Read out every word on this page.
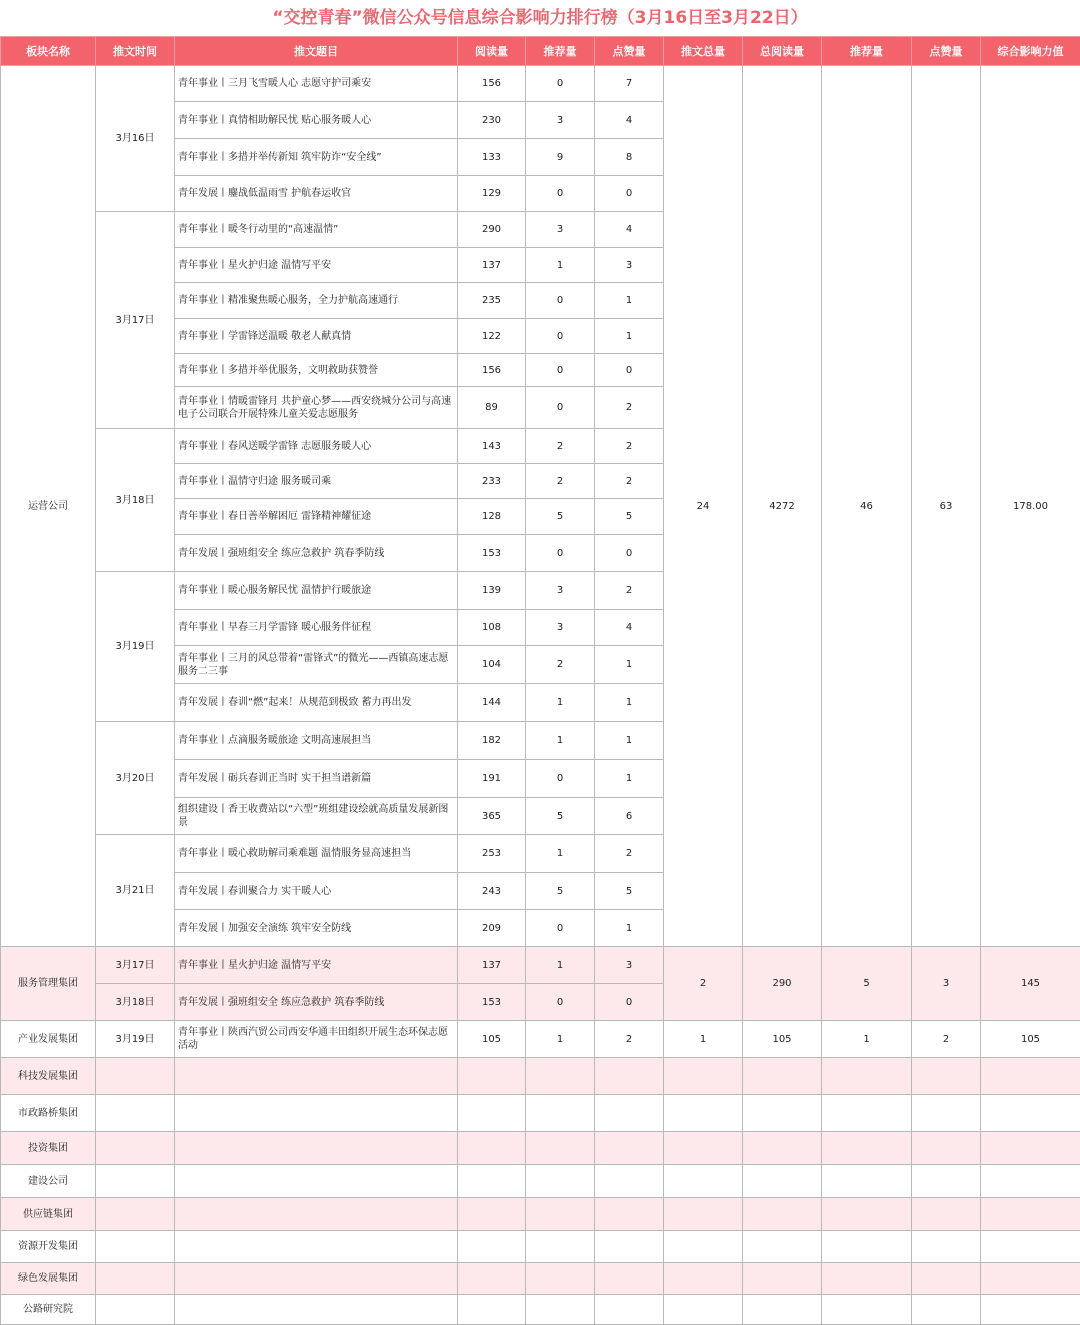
“交控青春”微信公众号信息综合影响力排行榜（3月16日至3月22日）
板块名称	推文时间	推文题目	阅读量	推荐量	点赞量	推文总量	总阅读量	推荐量	点赞量	综合影响力值
运营公司	3月16日	青年事业丨三月飞雪暖人心 志愿守护司乘安	156	0	7	24	4272	46	63	178.00
		青年事业丨真情相助解民忧 贴心服务暖人心	230	3	4					
		青年事业丨多措并举传新知 筑牢防诈“安全线”	133	9	8					
		青年发展丨鏖战低温雨雪 护航春运收官	129	0	0					
	3月17日	青年事业丨暖冬行动里的“高速温情”	290	3	4					
		青年事业丨星火护归途 温情写平安	137	1	3					
		青年事业丨精准聚焦暖心服务，全力护航高速通行	235	0	1					
		青年事业丨学雷锋送温暖 敬老人献真情	122	0	1					
		青年事业丨多措并举优服务，文明救助获赞誉	156	0	0					
		青年事业丨情暖雷锋月 共护童心梦——西安绕城分公司与高速电子公司联合开展特殊儿童关爱志愿服务	89	0	2					
	3月18日	青年事业丨春风送暖学雷锋 志愿服务暖人心	143	2	2					
		青年事业丨温情守归途 服务暖司乘	233	2	2					
		青年事业丨春日善举解困厄 雷锋精神耀征途	128	5	5					
		青年发展丨强班组安全 练应急救护 筑春季防线	153	0	0					
	3月19日	青年事业丨暖心服务解民忧 温情护行暖旅途	139	3	2					
		青年事业丨早春三月学雷锋 暖心服务伴征程	108	3	4					
		青年事业丨三月的风总带着“雷锋式”的微光——西镇高速志愿服务二三事	104	2	1					
		青年发展丨春训“燃”起来！从规范到极致 蓄力再出发	144	1	1					
	3月20日	青年事业丨点滴服务暖旅途 文明高速展担当	182	1	1					
		青年发展丨砺兵春训正当时 实干担当谱新篇	191	0	1					
		组织建设丨香王收费站以“六型”班组建设绘就高质量发展新图景	365	5	6					
	3月21日	青年事业丨暖心救助解司乘难题 温情服务显高速担当	253	1	2					
		青年发展丨春训聚合力 实干暖人心	243	5	5					
		青年发展丨加强安全演练 筑牢安全防线	209	0	1					
服务管理集团	3月17日	青年事业丨星火护归途 温情写平安	137	1	3	2	290	5	3	145
	3月18日	青年发展丨强班组安全 练应急救护 筑春季防线	153	0	0					
产业发展集团	3月19日	青年事业丨陕西汽贸公司西安华通丰田组织开展生态环保志愿活动	105	1	2	1	105	1	2	105
科技发展集团										
市政路桥集团										
投资集团										
建设公司										
供应链集团										
资源开发集团										
绿色发展集团										
公路研究院										
